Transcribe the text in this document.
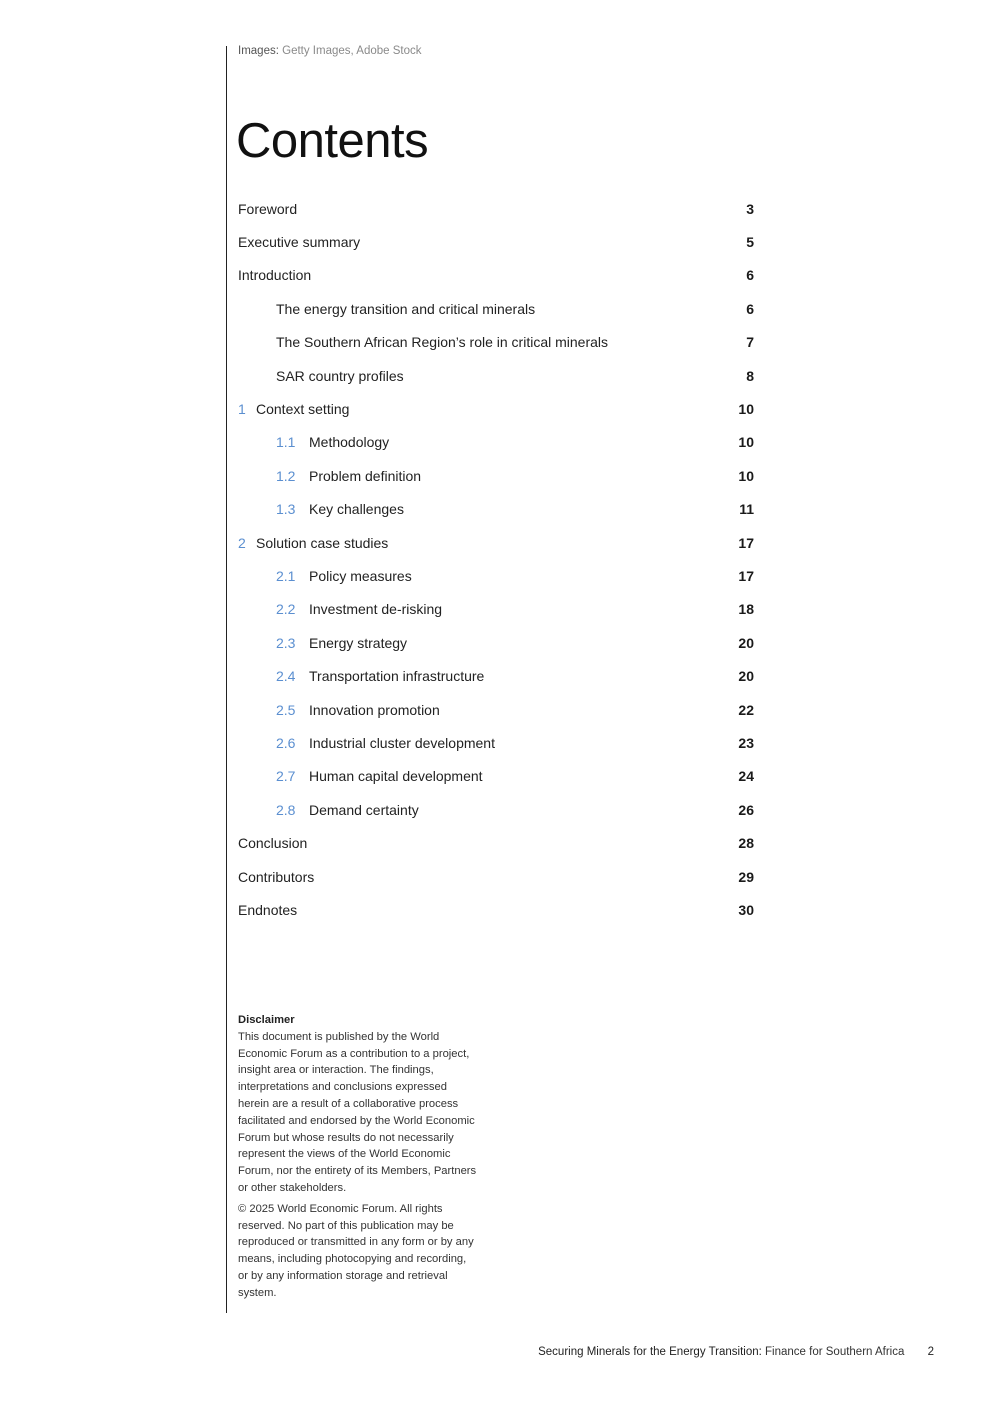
Images: Getty Images, Adobe Stock
Contents
Foreword	3
Executive summary	5
Introduction	6
The energy transition and critical minerals	6
The Southern African Region’s role in critical minerals	7
SAR country profiles	8
1 Context setting	10
1.1 Methodology	10
1.2 Problem definition	10
1.3 Key challenges	11
2 Solution case studies	17
2.1 Policy measures	17
2.2 Investment de-risking	18
2.3 Energy strategy	20
2.4 Transportation infrastructure	20
2.5 Innovation promotion	22
2.6 Industrial cluster development	23
2.7 Human capital development	24
2.8 Demand certainty	26
Conclusion	28
Contributors	29
Endnotes	30

Disclaimer

This document is published by the World Economic Forum as a contribution to a project, insight area or interaction. The findings, interpretations and conclusions expressed herein are a result of a collaborative process facilitated and endorsed by the World Economic Forum but whose results do not necessarily represent the views of the World Economic Forum, nor the entirety of its Members, Partners or other stakeholders.

© 2025 World Economic Forum. All rights reserved. No part of this publication may be reproduced or transmitted in any form or by any means, including photocopying and recording, or by any information storage and retrieval system.

Securing Minerals for the Energy Transition: Finance for Southern Africa 2
